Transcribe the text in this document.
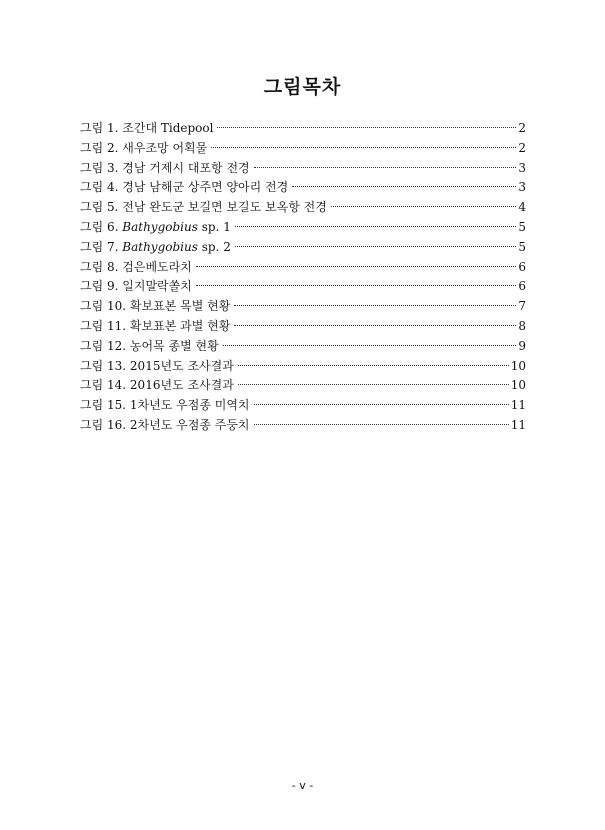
그림목차
그림 1. 조간대 Tidepool	2
그림 2. 새우조망 어획물	2
그림 3. 경남 거제시 대포항 전경	3
그림 4. 경남 남해군 상주면 양아리 전경	3
그림 5. 전남 완도군 보길면 보길도 보옥항 전경	4
그림 6. Bathygobius sp. 1	5
그림 7. Bathygobius sp. 2	5
그림 8. 검은베도라치	6
그림 9. 일지말락쏠치	6
그림 10. 확보표본 목별 현황	7
그림 11. 확보표본 과별 현황	8
그림 12. 농어목 종별 현황	9
그림 13. 2015년도 조사결과	10
그림 14. 2016년도 조사결과	10
그림 15. 1차년도 우점종 미역치	11
그림 16. 2차년도 우점종 주둥치	11
- v -
